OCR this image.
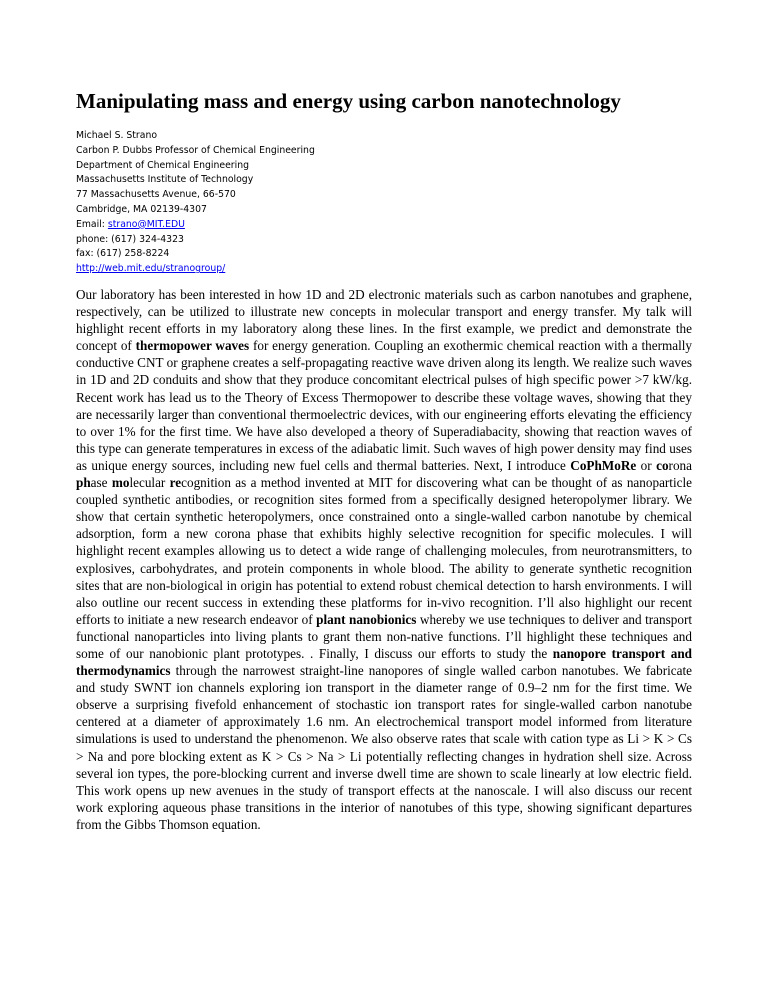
Manipulating mass and energy using carbon nanotechnology
Michael S. Strano
Carbon P. Dubbs Professor of Chemical Engineering
Department of Chemical Engineering
Massachusetts Institute of Technology
77 Massachusetts Avenue, 66-570
Cambridge, MA 02139-4307
Email: strano@MIT.EDU
phone: (617) 324-4323
fax: (617) 258-8224
http://web.mit.edu/stranogroup/

Our laboratory has been interested in how 1D and 2D electronic materials such as carbon nanotubes and graphene, respectively, can be utilized to illustrate new concepts in molecular transport and energy transfer. My talk will highlight recent efforts in my laboratory along these lines. In the first example, we predict and demonstrate the concept of thermopower waves for energy generation. Coupling an exothermic chemical reaction with a thermally conductive CNT or graphene creates a self-propagating reactive wave driven along its length. We realize such waves in 1D and 2D conduits and show that they produce concomitant electrical pulses of high specific power >7 kW/kg. Recent work has lead us to the Theory of Excess Thermopower to describe these voltage waves, showing that they are necessarily larger than conventional thermoelectric devices, with our engineering efforts elevating the efficiency to over 1% for the first time. We have also developed a theory of Superadiabacity, showing that reaction waves of this type can generate temperatures in excess of the adiabatic limit. Such waves of high power density may find uses as unique energy sources, including new fuel cells and thermal batteries. Next, I introduce CoPhMoRe or corona phase molecular recognition as a method invented at MIT for discovering what can be thought of as nanoparticle coupled synthetic antibodies, or recognition sites formed from a specifically designed heteropolymer library. We show that certain synthetic heteropolymers, once constrained onto a single-walled carbon nanotube by chemical adsorption, form a new corona phase that exhibits highly selective recognition for specific molecules. I will highlight recent examples allowing us to detect a wide range of challenging molecules, from neurotransmitters, to explosives, carbohydrates, and protein components in whole blood. The ability to generate synthetic recognition sites that are non-biological in origin has potential to extend robust chemical detection to harsh environments. I will also outline our recent success in extending these platforms for in-vivo recognition. I’ll also highlight our recent efforts to initiate a new research endeavor of plant nanobionics whereby we use techniques to deliver and transport functional nanoparticles into living plants to grant them non-native functions. I’ll highlight these techniques and some of our nanobionic plant prototypes. . Finally, I discuss our efforts to study the nanopore transport and thermodynamics through the narrowest straight-line nanopores of single walled carbon nanotubes. We fabricate and study SWNT ion channels exploring ion transport in the diameter range of 0.9–2 nm for the first time. We observe a surprising fivefold enhancement of stochastic ion transport rates for single-walled carbon nanotube centered at a diameter of approximately 1.6 nm. An electrochemical transport model informed from literature simulations is used to understand the phenomenon. We also observe rates that scale with cation type as Li > K > Cs > Na and pore blocking extent as K > Cs > Na > Li potentially reflecting changes in hydration shell size. Across several ion types, the pore-blocking current and inverse dwell time are shown to scale linearly at low electric field. This work opens up new avenues in the study of transport effects at the nanoscale. I will also discuss our recent work exploring aqueous phase transitions in the interior of nanotubes of this type, showing significant departures from the Gibbs Thomson equation.
